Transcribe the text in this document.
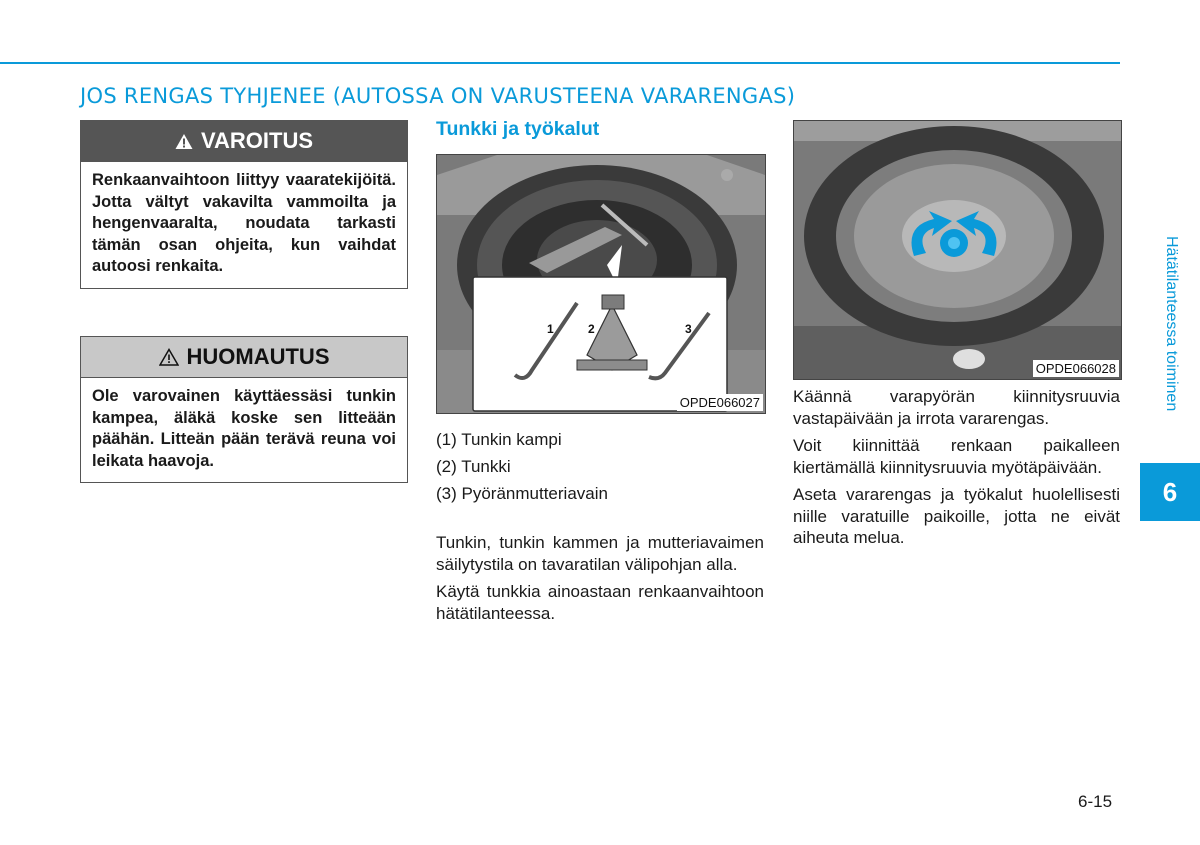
JOS RENGAS TYHJENEE (AUTOSSA ON VARUSTEENA VARARENGAS)
VAROITUS
Renkaanvaihtoon liittyy vaaratekijöitä. Jotta vältyt vakavilta vammoilta ja hengenvaaralta, noudata tarkasti tämän osan ohjeita, kun vaihdat autoosi renkaita.
HUOMAUTUS
Ole varovainen käyttäessäsi tunkin kampea, äläkä koske sen litteään päähän. Litteän pään terävä reuna voi leikata haavoja.
Tunkki ja työkalut
1	2	3
OPDE066027
(1) Tunkin kampi
(2) Tunkki
(3) Pyöränmutteriavain

Tunkin, tunkin kammen ja mutteriavaimen säilytystila on tavaratilan välipohjan alla.

Käytä tunkkia ainoastaan renkaanvaihtoon hätätilanteessa.

OPDE066028

Käännä varapyörän kiinnitysruuvia vastapäivään ja irrota vararengas.

Voit kiinnittää renkaan paikalleen kiertämällä kiinnitysruuvia myötäpäivään.

Aseta vararengas ja työkalut huolellisesti niille varatuille paikoille, jotta ne eivät aiheuta melua.

Hätätilanteessa toiminen
6
6-15
